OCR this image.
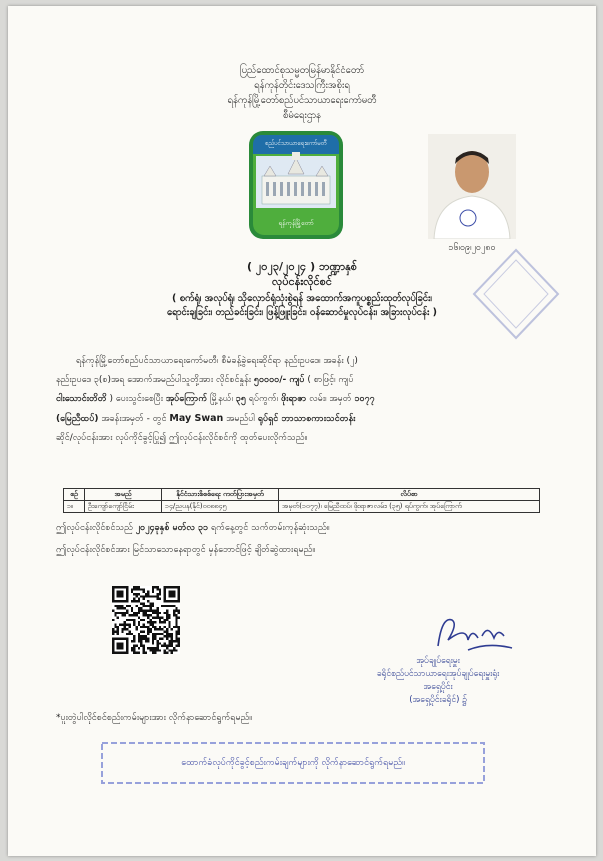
ပြည်ထောင်စုသမ္မတမြန်မာနိုင်ငံတော်
ရန်ကုန်တိုင်းဒေသကြီးအစိုးရ
ရန်ကုန်မြို့တော်စည်ပင်သာယာရေးကော်မတီ
စီမံရေးဌာန
စည်ပင်သာယာရေးကော်မတီ
ရန်ကုန်မြို့တော်
၁၆၊၀၉၊၂၀၂၈၀
( ၂၀၂၃/၂၀၂၄ ) ဘဏ္ဍာနှစ်
လုပ်ငန်းလိုင်စင်
( စက်ရုံ၊ အလုပ်ရုံ၊ သိုလှောင်ရုံသုံးစွဲရန် အထောက်အကူပစ္စည်းထုတ်လုပ်ခြင်း၊
ရောင်းချခြင်း၊ တည်ခင်းခြင်း၊ ဖြန့်ဖြူးခြင်း၊ ဝန်ဆောင်မှုလုပ်ငန်း၊ အခြားလုပ်ငန်း )
ရန်ကုန်မြို့တော်စည်ပင်သာယာရေးကော်မတီ၊ စီမံခန့်ခွဲရေးဆိုင်ရာ နည်းဥပဒေ၊ အခန်း (၂)
နည်းဥပဒေ ၃(စ)အရ အောက်အမည်ပါသူတို့အား လိုင်စင်နှုန်း ၅၀၀၀၀/- ကျပ် ( စာဖြင့်၊ ကျပ်
ငါးသောင်းတိတိ ) ပေးသွင်းစေပြီး အုပ်ကြောက် မြို့နယ်၊ ၃၅ ရပ်ကွက်၊ ဖိုးရာဇာ လမ်း၊ အမှတ် ၁၀၇၇
(မြေညီထပ်) အခန်းအမှတ် - တွင် May Swan အမည်ပါ ရုပ်ရှင် ဘာသာစကားသင်တန်း
ဆိုင်/လုပ်ငန်းအား လုပ်ကိုင်ခွင့်ပြု၍ ဤလုပ်ငန်းလိုင်စင်ကို ထုတ်ပေးလိုက်သည်။
စဉ်	အမည်	နိုင်ငံသားစိစစ်ရေး ကတ်ပြားအမှတ်	လိပ်စာ
၁။	ဦးကျော်ကျော်ငြိမ်း	၁၄/ညပန(နိုင်)၀၀၈၈၄၅	အမှတ်(၁၀၇၇)၊ မြေညီထပ်၊ ဖိုးရာဇာလမ်း၊ (၃၅) ရပ်ကွက်၊ အုပ်ကြောက်
ဤလုပ်ငန်းလိုင်စင်သည် ၂၀၂၄ခုနှစ် မတ်လ ၃၁ ရက်နေ့တွင် သက်တမ်းကုန်ဆုံးသည်။
ဤလုပ်ငန်းလိုင်စင်အား မြင်သာသောနေရာတွင် မှန်ဘောင်ဖြင့် ချိတ်ဆွဲထားရမည်။
အုပ်ချုပ်ရေးမှူး
ခရိုင်စည်ပင်သာယာရေးအုပ်ချုပ်ရေးမှူးရုံး
အရှေ့ပိုင်း
(အရှေ့ပိုင်းခရိုင်) ၌
*ပူးတွဲပါလိုင်စင်စည်းကမ်းများအား လိုက်နာဆောင်ရွက်ရမည်။
ထောက်ခံလုပ်ကိုင်ခွင့်စည်းကမ်းချက်များကို လိုက်နာဆောင်ရွက်ရမည်။
